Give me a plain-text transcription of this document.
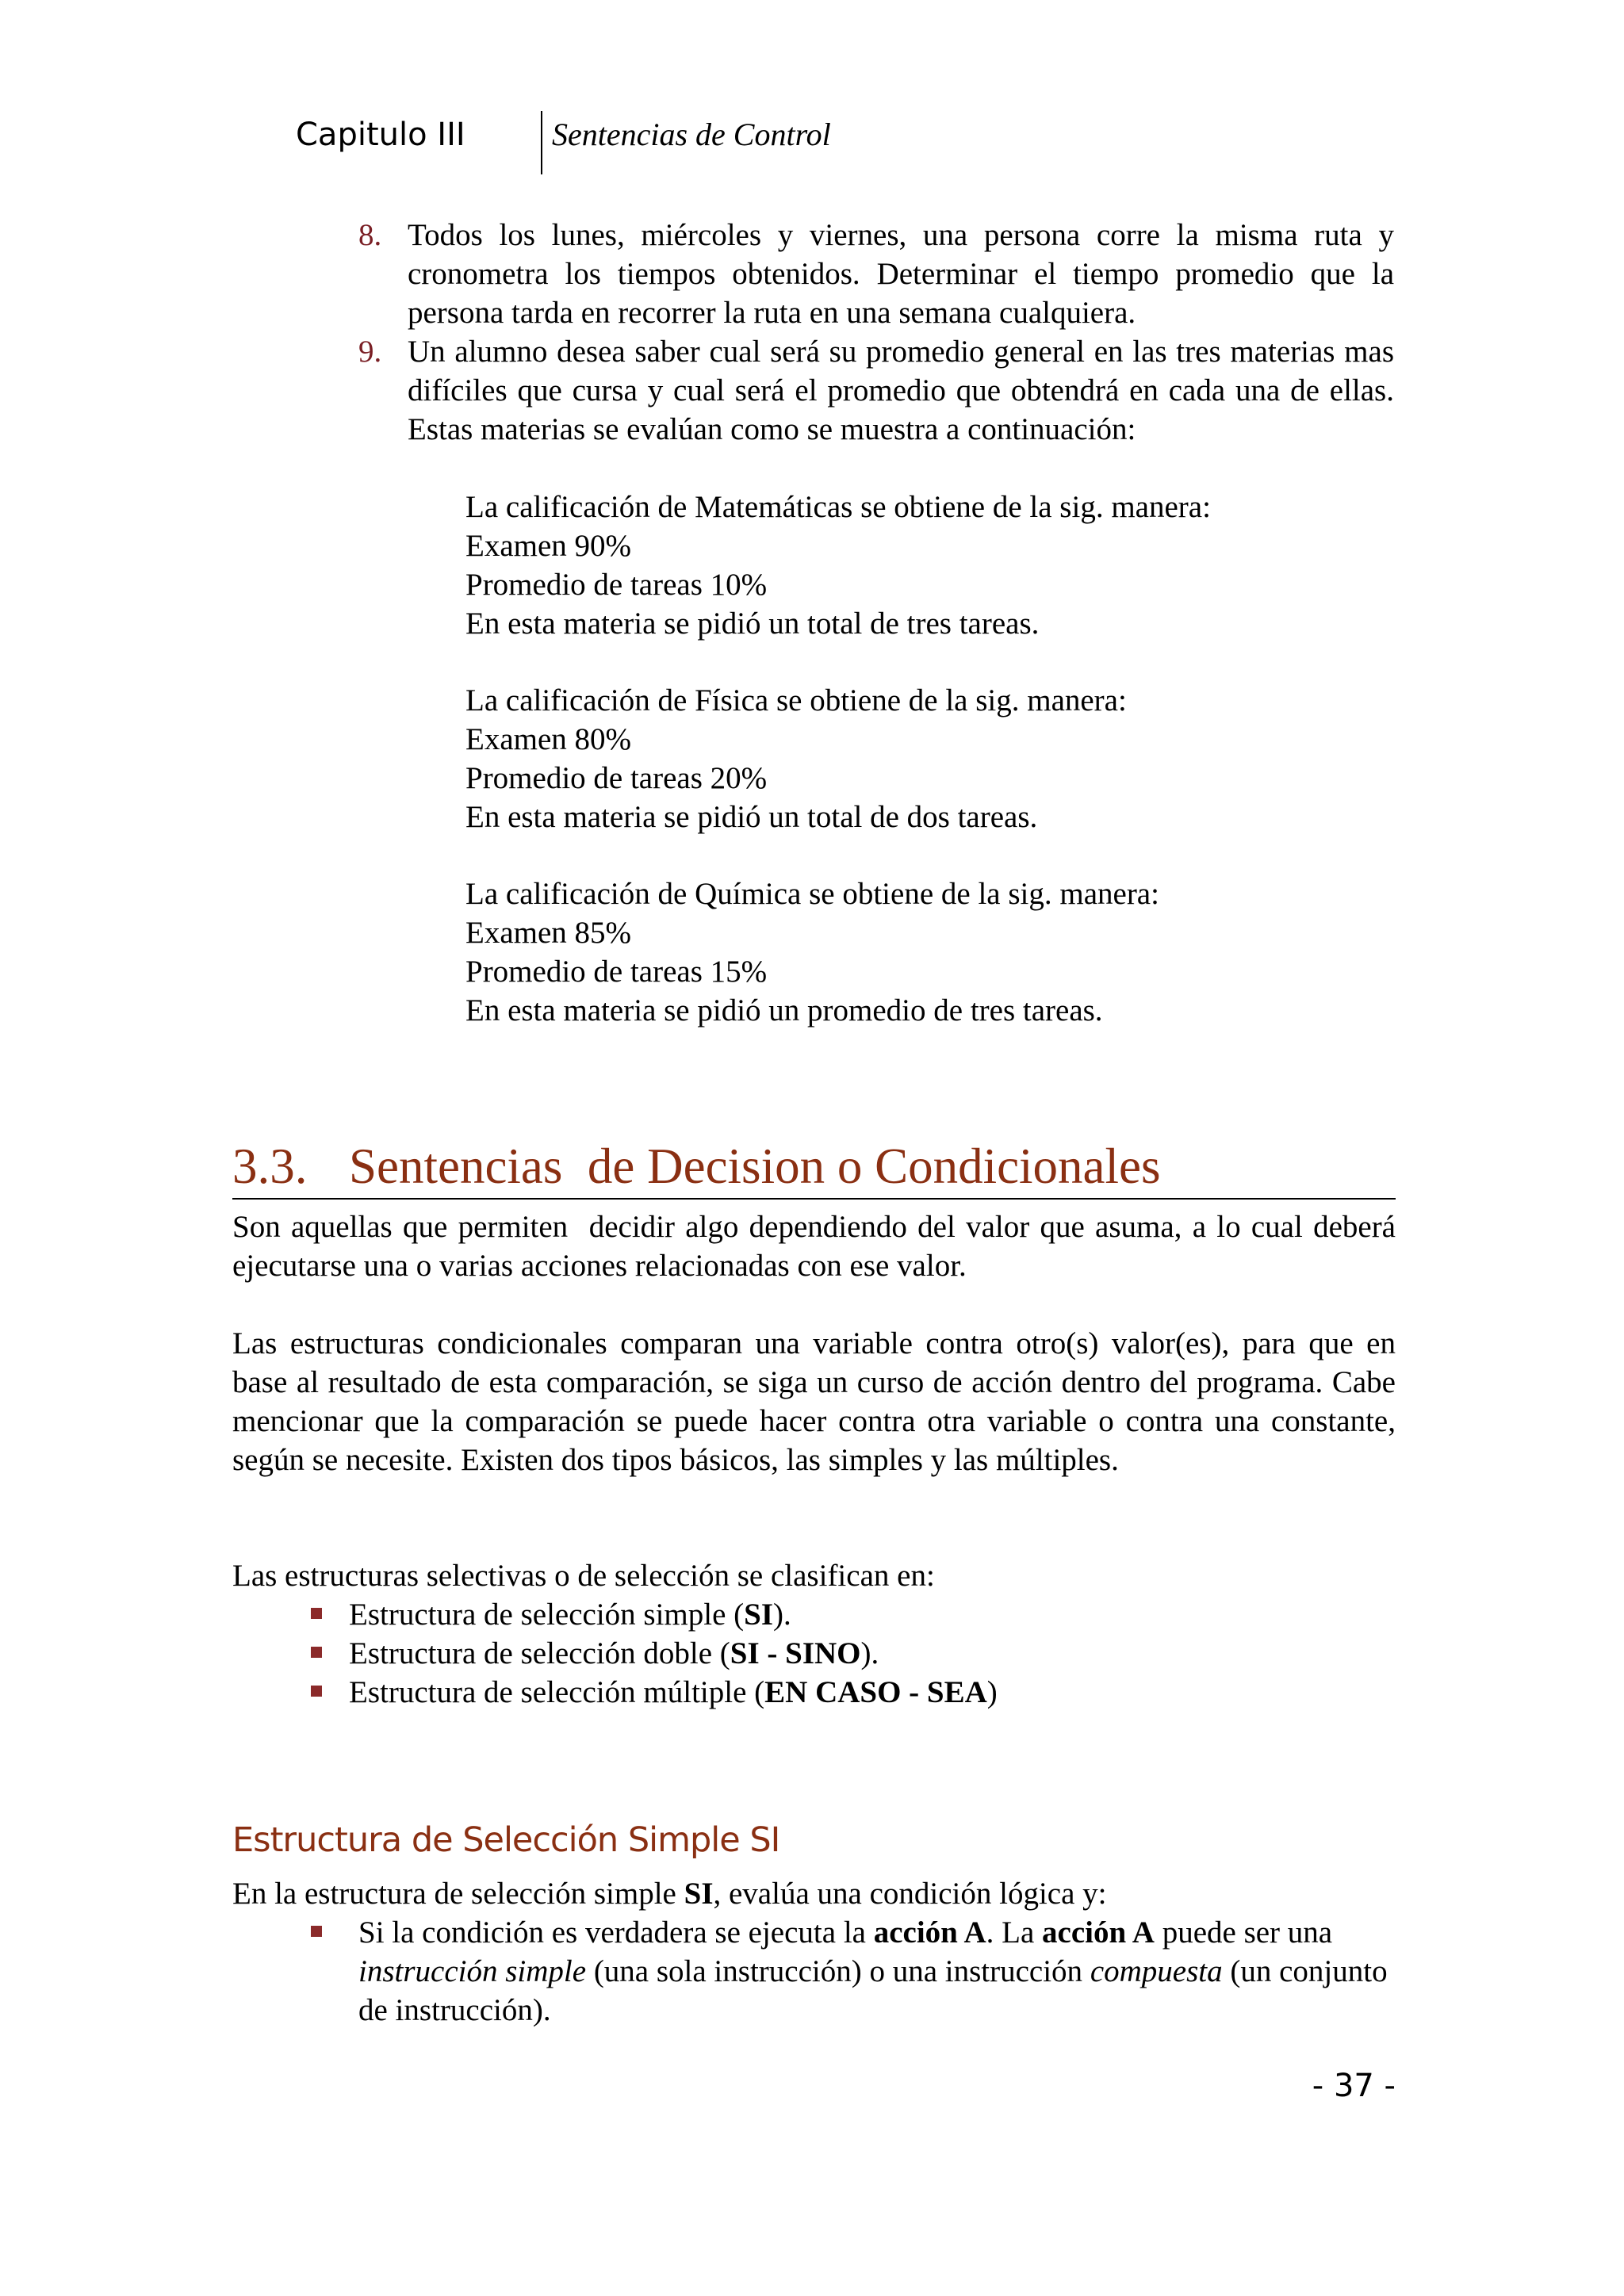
Capitulo III	Sentencias de Control
8. Todos los lunes, miércoles y viernes, una persona corre la misma ruta y cronometra los tiempos obtenidos. Determinar el tiempo promedio que la persona tarda en recorrer la ruta en una semana cualquiera.
9. Un alumno desea saber cual será su promedio general en las tres materias mas difíciles que cursa y cual será el promedio que obtendrá en cada una de ellas. Estas materias se evalúan como se muestra a continuación:
La calificación de Matemáticas se obtiene de la sig. manera:
Examen 90%
Promedio de tareas 10%
En esta materia se pidió un total de tres tareas.
La calificación de Física se obtiene de la sig. manera:
Examen 80%
Promedio de tareas 20%
En esta materia se pidió un total de dos tareas.
La calificación de Química se obtiene de la sig. manera:
Examen 85%
Promedio de tareas 15%
En esta materia se pidió un promedio de tres tareas.
3.3. Sentencias  de Decision o Condicionales
Son aquellas que permiten  decidir algo dependiendo del valor que asuma, a lo cual deberá ejecutarse una o varias acciones relacionadas con ese valor.
Las estructuras condicionales comparan una variable contra otro(s) valor(es), para que en base al resultado de esta comparación, se siga un curso de acción dentro del programa. Cabe mencionar que la comparación se puede hacer contra otra variable o contra una constante, según se necesite. Existen dos tipos básicos, las simples y las múltiples.
Las estructuras selectivas o de selección se clasifican en:
Estructura de selección simple (SI).
Estructura de selección doble (SI - SINO).
Estructura de selección múltiple (EN CASO - SEA)
Estructura de Selección Simple SI
En la estructura de selección simple SI, evalúa una condición lógica y:
Si la condición es verdadera se ejecuta la acción A. La acción A puede ser una instrucción simple (una sola instrucción) o una instrucción compuesta (un conjunto de instrucción).
- 37 -
